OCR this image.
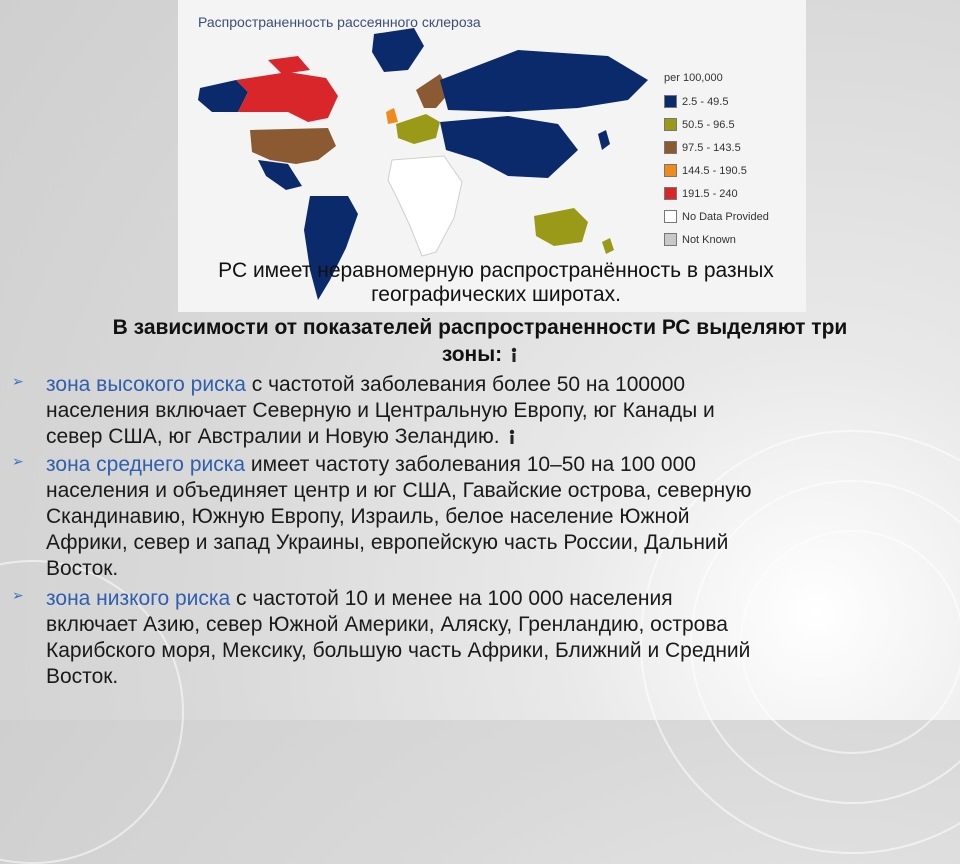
Распространенность рассеянного склероза
per 100,000
2.5 - 49.5
50.5 - 96.5
97.5 - 143.5
144.5 - 190.5
191.5 - 240
No Data Provided
Not Known
РС имеет неравномерную распространённость в разных
географических широтах.
В зависимости от показателей распространенности РС выделяют три
зоны:
➢ зона высокого риска с частотой заболевания более 50 на 100000
населения включает Северную и Центральную Европу, юг Канады и
север США, юг Австралии и Новую Зеландию.
➢ зона среднего риска имеет частоту заболевания 10–50 на 100 000
населения и объединяет центр и юг США, Гавайские острова, северную
Скандинавию, Южную Европу, Израиль, белое население Южной
Африки, север и запад Украины, европейскую часть России, Дальний
Восток.
➢ зона низкого риска с частотой 10 и менее на 100 000 населения
включает Азию, север Южной Америки, Аляску, Гренландию, острова
Карибского моря, Мексику, большую часть Африки, Ближний и Средний
Восток.
